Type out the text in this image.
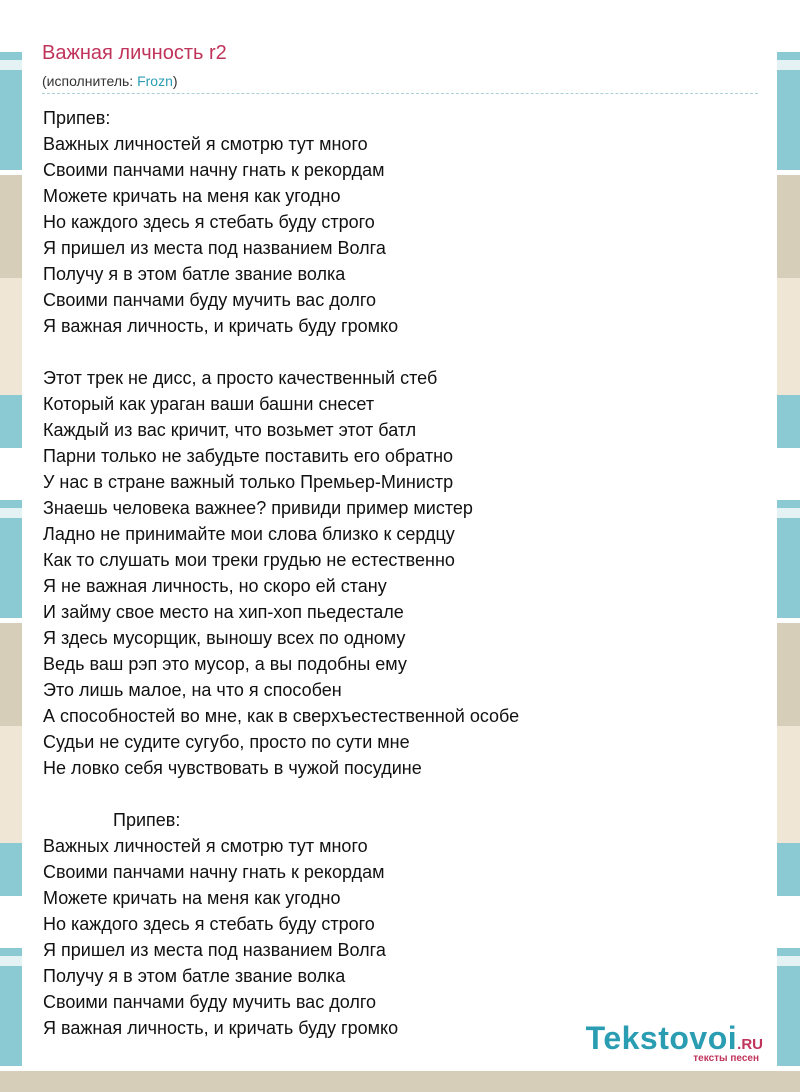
Важная личность r2
(исполнитель: Frozn)
Припев:
Важных личностей я смотрю тут много
Своими панчами начну гнать к рекордам
Можете кричать на меня как угодно
Но каждого здесь я стебать буду строго
Я пришел из места под названием Волга
Получу я в этом батле звание волка
Своими панчами буду мучить вас долго
Я важная личность, и кричать буду громко
Этот трек не дисс, а просто качественный стеб
Который как ураган ваши башни снесет
Каждый из вас кричит, что возьмет этот батл
Парни только не забудьте поставить его обратно
У нас в стране важный только Премьер-Министр
Знаешь человека важнее? привиди пример мистер
Ладно не принимайте мои слова близко к сердцу
Как то слушать мои треки грудью не естественно
Я не важная личность, но скоро ей стану
И займу свое место на хип-хоп пьедестале
Я здесь мусорщик, выношу всех по одному
Ведь ваш рэп это мусор, а вы подобны ему
Это лишь малое, на что я способен
А способностей во мне, как в сверхъестественной особе
Судьи не судите сугубо, просто по сути мне
Не ловко себя чувствовать в чужой посудине
Припев:
Важных личностей я смотрю тут много
Своими панчами начну гнать к рекордам
Можете кричать на меня как угодно
Но каждого здесь я стебать буду строго
Я пришел из места под названием Волга
Получу я в этом батле звание волка
Своими панчами буду мучить вас долго
Я важная личность, и кричать буду громко	Tekstovoi.RU
тексты песен
